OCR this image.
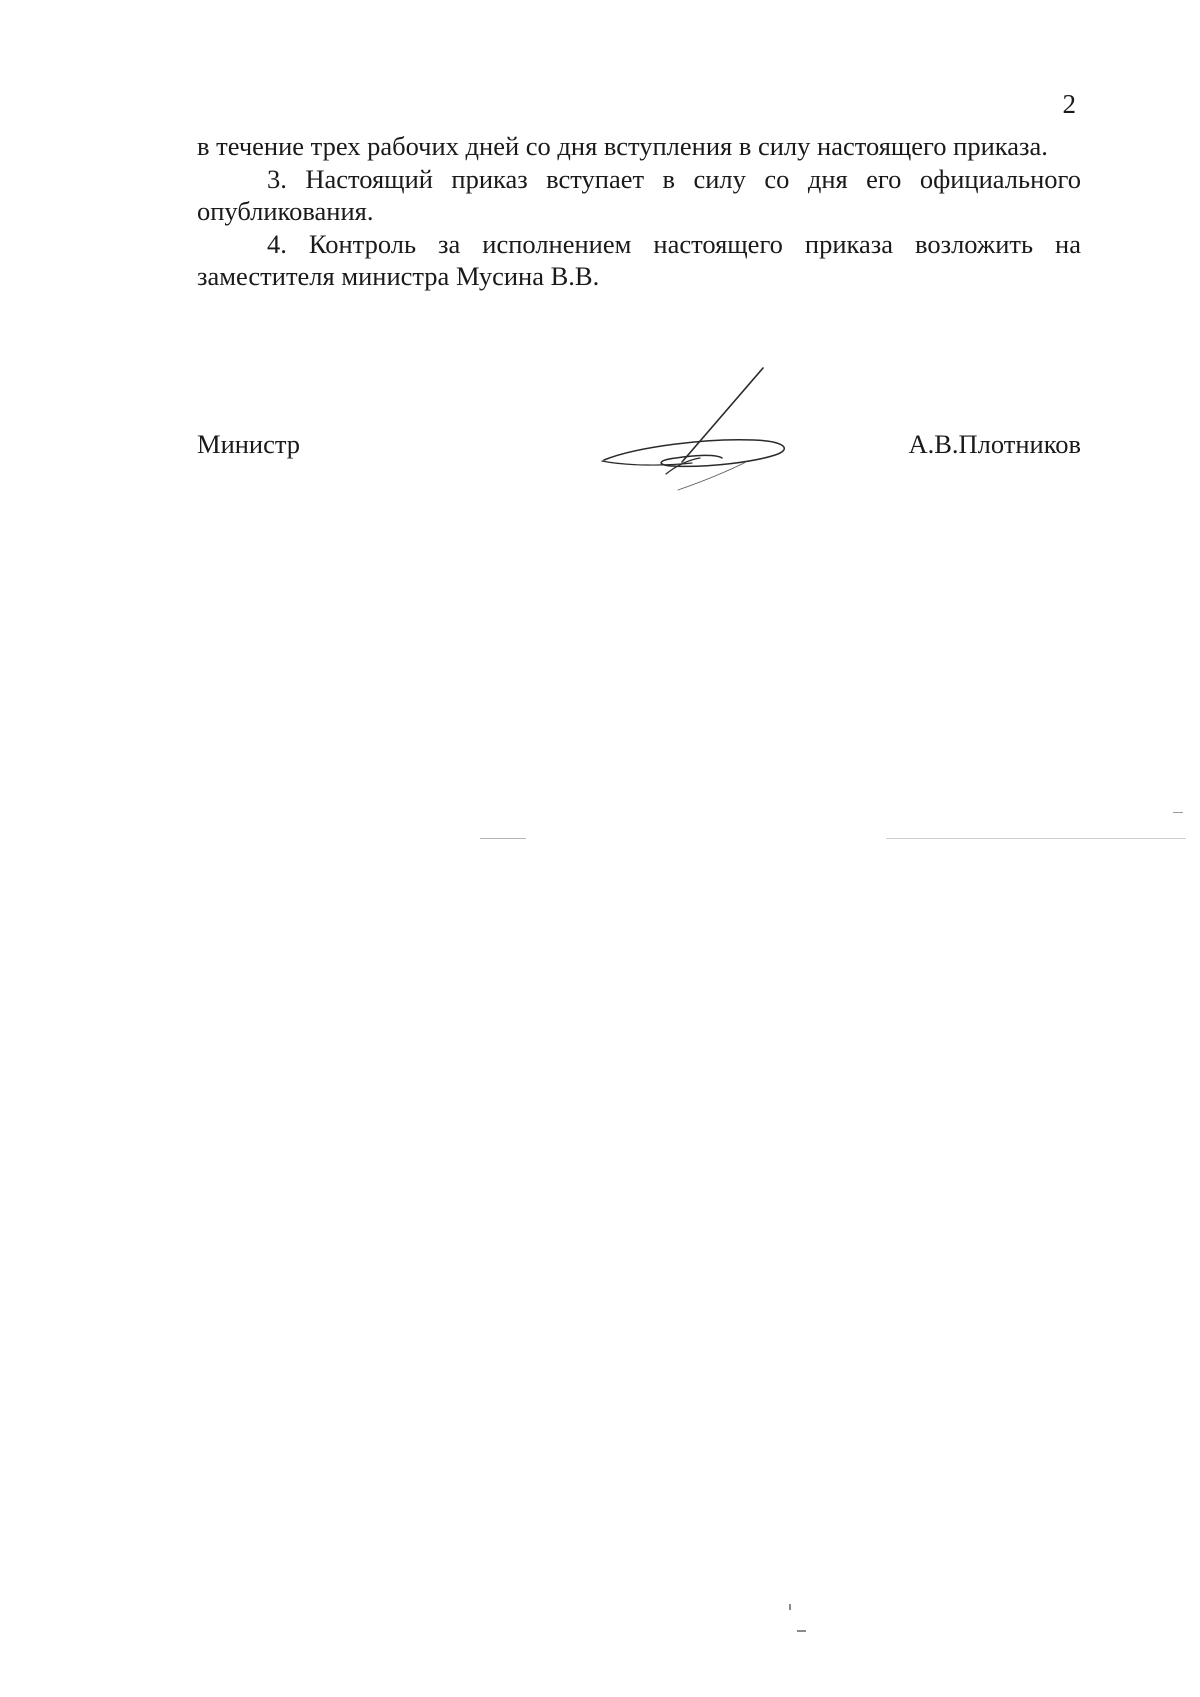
2

в течение трех рабочих дней со дня вступления в силу настоящего приказа.

3. Настоящий приказ вступает в силу со дня его официального опубликования.

4. Контроль за исполнением настоящего приказа возложить на заместителя министра Мусина В.В.

Министр	А.В.Плотников
